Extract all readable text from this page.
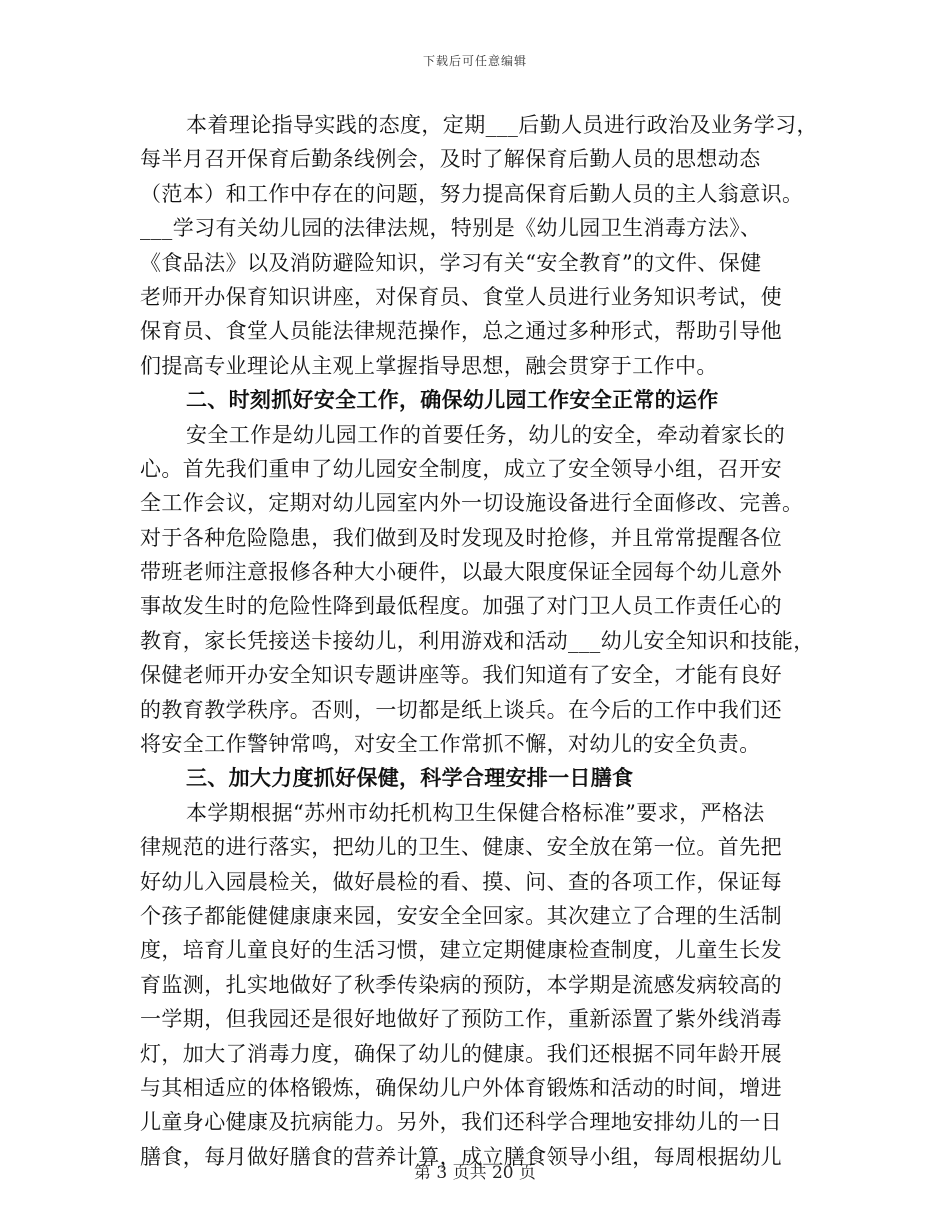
下载后可任意编辑
本着理论指导实践的态度，定期___后勤人员进行政治及业务学习，
每半月召开保育后勤条线例会，及时了解保育后勤人员的思想动态
（范本）和工作中存在的问题，努力提高保育后勤人员的主人翁意识。
___学习有关幼儿园的法律法规，特别是《幼儿园卫生消毒方法》、
《食品法》以及消防避险知识，学习有关“安全教育”的文件、保健
老师开办保育知识讲座，对保育员、食堂人员进行业务知识考试，使
保育员、食堂人员能法律规范操作，总之通过多种形式，帮助引导他
们提高专业理论从主观上掌握指导思想，融会贯穿于工作中。
二、时刻抓好安全工作，确保幼儿园工作安全正常的运作
安全工作是幼儿园工作的首要任务，幼儿的安全，牵动着家长的
心。首先我们重申了幼儿园安全制度，成立了安全领导小组，召开安
全工作会议，定期对幼儿园室内外一切设施设备进行全面修改、完善。
对于各种危险隐患，我们做到及时发现及时抢修，并且常常提醒各位
带班老师注意报修各种大小硬件，以最大限度保证全园每个幼儿意外
事故发生时的危险性降到最低程度。加强了对门卫人员工作责任心的
教育，家长凭接送卡接幼儿，利用游戏和活动___幼儿安全知识和技能，
保健老师开办安全知识专题讲座等。我们知道有了安全，才能有良好
的教育教学秩序。否则，一切都是纸上谈兵。在今后的工作中我们还
将安全工作警钟常鸣，对安全工作常抓不懈，对幼儿的安全负责。
三、加大力度抓好保健，科学合理安排一日膳食
本学期根据“苏州市幼托机构卫生保健合格标准”要求，严格法
律规范的进行落实，把幼儿的卫生、健康、安全放在第一位。首先把
好幼儿入园晨检关，做好晨检的看、摸、问、查的各项工作，保证每
个孩子都能健健康康来园，安安全全回家。其次建立了合理的生活制
度，培育儿童良好的生活习惯，建立定期健康检查制度，儿童生长发
育监测，扎实地做好了秋季传染病的预防，本学期是流感发病较高的
一学期，但我园还是很好地做好了预防工作，重新添置了紫外线消毒
灯，加大了消毒力度，确保了幼儿的健康。我们还根据不同年龄开展
与其相适应的体格锻炼，确保幼儿户外体育锻炼和活动的时间，增进
儿童身心健康及抗病能力。另外，我们还科学合理地安排幼儿的一日
膳食，每月做好膳食的营养计算，成立膳食领导小组，每周根据幼儿
第 3 页共 20 页
